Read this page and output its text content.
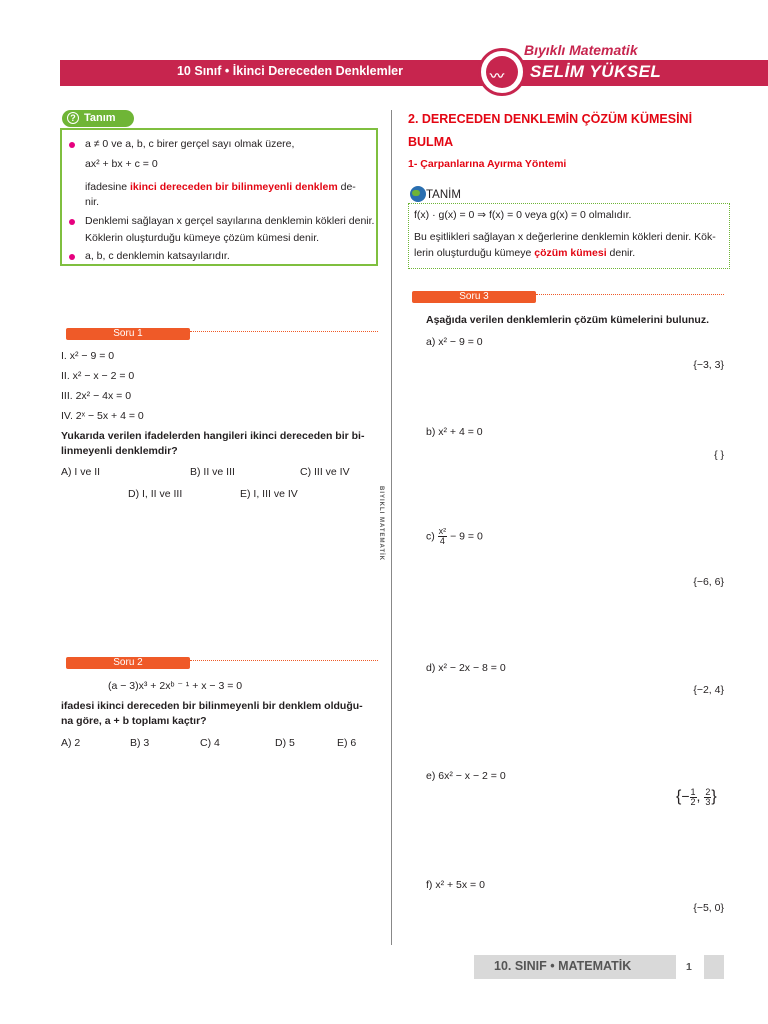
10 Sınıf • İkinci Dereceden Denklemler	〰
Bıyıklı Matematik
SELİM YÜKSEL
? Tanım
a ≠ 0 ve a, b, c birer gerçel sayı olmak üzere,
ax² + bx + c = 0
ifadesine ikinci dereceden bir bilinmeyenli denklem de-
nir.
Denklemi sağlayan x gerçel sayılarına denklemin kökleri denir.
Köklerin oluşturduğu kümeye çözüm kümesi denir.
a, b, c denklemin katsayılarıdır.
Soru 1
I. x² − 9 = 0
II. x² − x − 2 = 0
III. 2x² − 4x = 0
IV. 2ˣ − 5x + 4 = 0
Yukarıda verilen ifadelerden hangileri ikinci dereceden bir bi-
linmeyenli denklemdir?
A) I ve II	B) II ve III	C) III ve IV
D) I, II ve III	E) I, III ve IV
Soru 2
(a − 3)x³ + 2xᵇ ⁻ ¹ + x − 3 = 0
ifadesi ikinci dereceden bir bilinmeyenli bir denklem olduğu-
na göre, a + b toplamı kaçtır?
A) 2	B) 3	C) 4	D) 5	E) 6
BIYIKLI MATEMATİK
2. DERECEDEN DENKLEMİN ÇÖZÜM KÜMESİNİ
BULMA
1- Çarpanlarına Ayırma Yöntemi
TANİM
f(x) · g(x) = 0 ⇒ f(x) = 0 veya g(x) = 0 olmalıdır.
Bu eşitlikleri sağlayan x değerlerine denklemin kökleri denir. Kök-
lerin oluşturduğu kümeye çözüm kümesi denir.
Soru 3
Aşağıda verilen denklemlerin çözüm kümelerini bulunuz.
a) x² − 9 = 0
{−3, 3}
b) x² + 4 = 0
{ }
$c) \frac{\text{x²}}{4} - 9 = 0$
{−6, 6}
d) x² − 2x − 8 = 0
{−2, 4}
e) 6x² − x − 2 = 0
{− $\frac{1}{2}$ , $\frac{2}{3}$ }
f) x² + 5x = 0
{−5, 0}
10. SINIF • MATEMATİK	1
